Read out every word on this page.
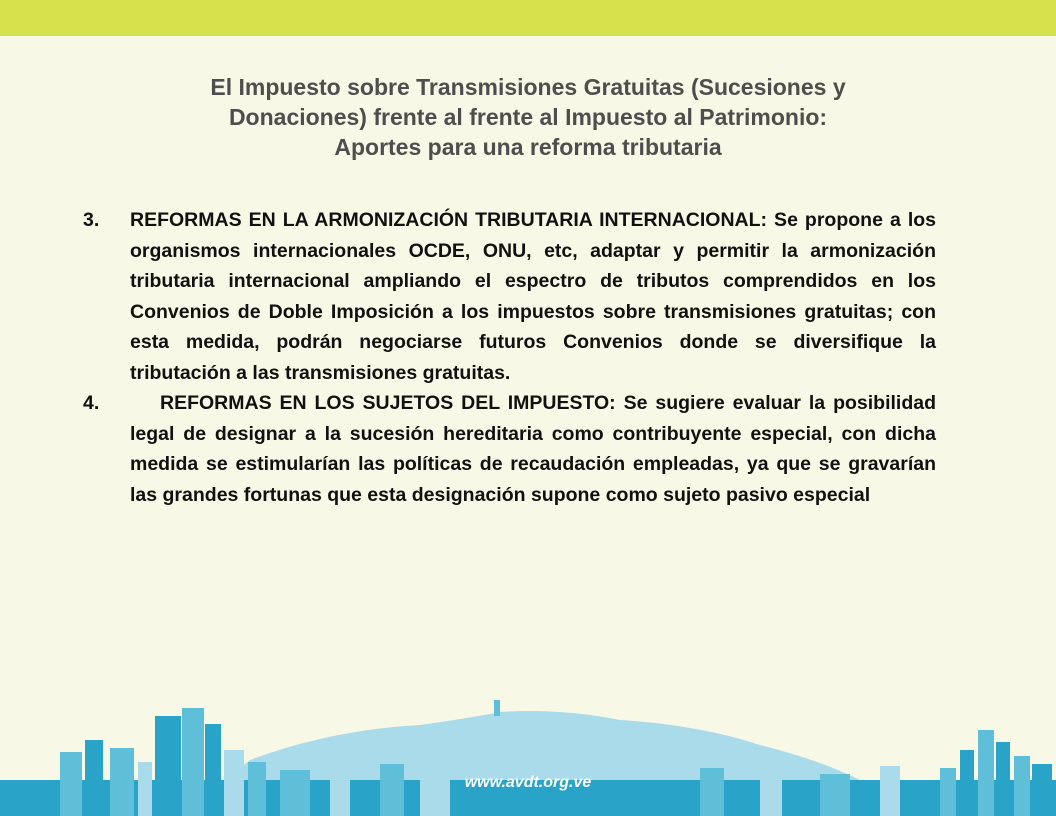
El Impuesto sobre Transmisiones Gratuitas (Sucesiones y
Donaciones) frente al frente al Impuesto al Patrimonio:
Aportes para una reforma tributaria
3. REFORMAS EN LA ARMONIZACIÓN TRIBUTARIA INTERNACIONAL: Se propone a los organismos internacionales OCDE, ONU, etc, adaptar y permitir la armonización tributaria internacional ampliando el espectro de tributos comprendidos en los Convenios de Doble Imposición a los impuestos sobre transmisiones gratuitas; con esta medida, podrán negociarse futuros Convenios donde se diversifique la tributación a las transmisiones gratuitas.
4.	REFORMAS EN LOS SUJETOS DEL IMPUESTO: Se sugiere evaluar la posibilidad legal de designar a la sucesión hereditaria como contribuyente especial, con dicha medida se estimularían las políticas de recaudación empleadas, ya que se gravarían las grandes fortunas que esta designación supone como sujeto pasivo especial
www.avdt.org.ve
